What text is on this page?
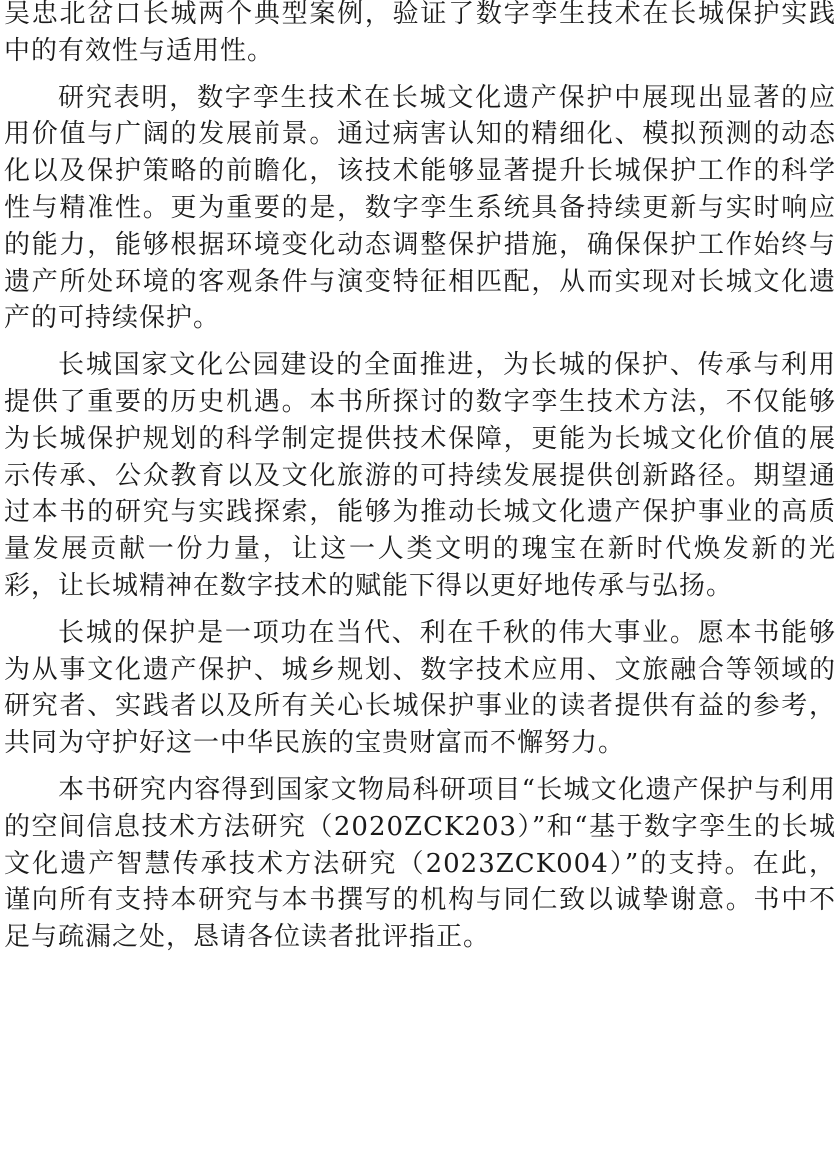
吴忠北岔口长城两个典型案例，验证了数字孪生技术在长城保护实践中的有效性与适用性。

研究表明，数字孪生技术在长城文化遗产保护中展现出显著的应用价值与广阔的发展前景。通过病害认知的精细化、模拟预测的动态化以及保护策略的前瞻化，该技术能够显著提升长城保护工作的科学性与精准性。更为重要的是，数字孪生系统具备持续更新与实时响应的能力，能够根据环境变化动态调整保护措施，确保保护工作始终与遗产所处环境的客观条件与演变特征相匹配，从而实现对长城文化遗产的可持续保护。

长城国家文化公园建设的全面推进，为长城的保护、传承与利用提供了重要的历史机遇。本书所探讨的数字孪生技术方法，不仅能够为长城保护规划的科学制定提供技术保障，更能为长城文化价值的展示传承、公众教育以及文化旅游的可持续发展提供创新路径。期望通过本书的研究与实践探索，能够为推动长城文化遗产保护事业的高质量发展贡献一份力量，让这一人类文明的瑰宝在新时代焕发新的光彩，让长城精神在数字技术的赋能下得以更好地传承与弘扬。

长城的保护是一项功在当代、利在千秋的伟大事业。愿本书能够为从事文化遗产保护、城乡规划、数字技术应用、文旅融合等领域的研究者、实践者以及所有关心长城保护事业的读者提供有益的参考，共同为守护好这一中华民族的宝贵财富而不懈努力。

本书研究内容得到国家文物局科研项目“长城文化遗产保护与利用的空间信息技术方法研究（2020ZCK203）”和“基于数字孪生的长城文化遗产智慧传承技术方法研究（2023ZCK004）”的支持。在此，谨向所有支持本研究与本书撰写的机构与同仁致以诚挚谢意。书中不足与疏漏之处，恳请各位读者批评指正。
